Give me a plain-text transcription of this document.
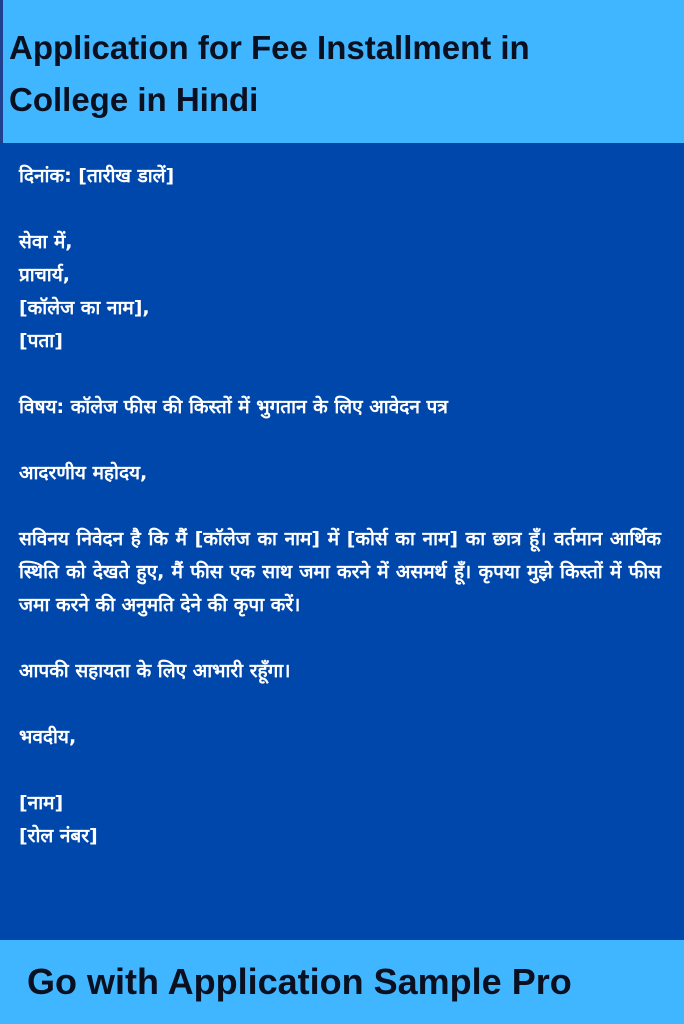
Application for Fee Installment in College in Hindi

दिनांक: [तारीख डालें]

सेवा में,

प्राचार्य,

[कॉलेज का नाम],

[पता]

विषय: कॉलेज फीस की किस्तों में भुगतान के लिए आवेदन पत्र

आदरणीय महोदय,

सविनय निवेदन है कि मैं [कॉलेज का नाम] में [कोर्स का नाम] का छात्र हूँ। वर्तमान आर्थिक स्थिति को देखते हुए, मैं फीस एक साथ जमा करने में असमर्थ हूँ। कृपया मुझे किस्तों में फीस जमा करने की अनुमति देने की कृपा करें।

आपकी सहायता के लिए आभारी रहूँगा।

भवदीय,

[नाम]

[रोल नंबर]

Go with Application Sample Pro
